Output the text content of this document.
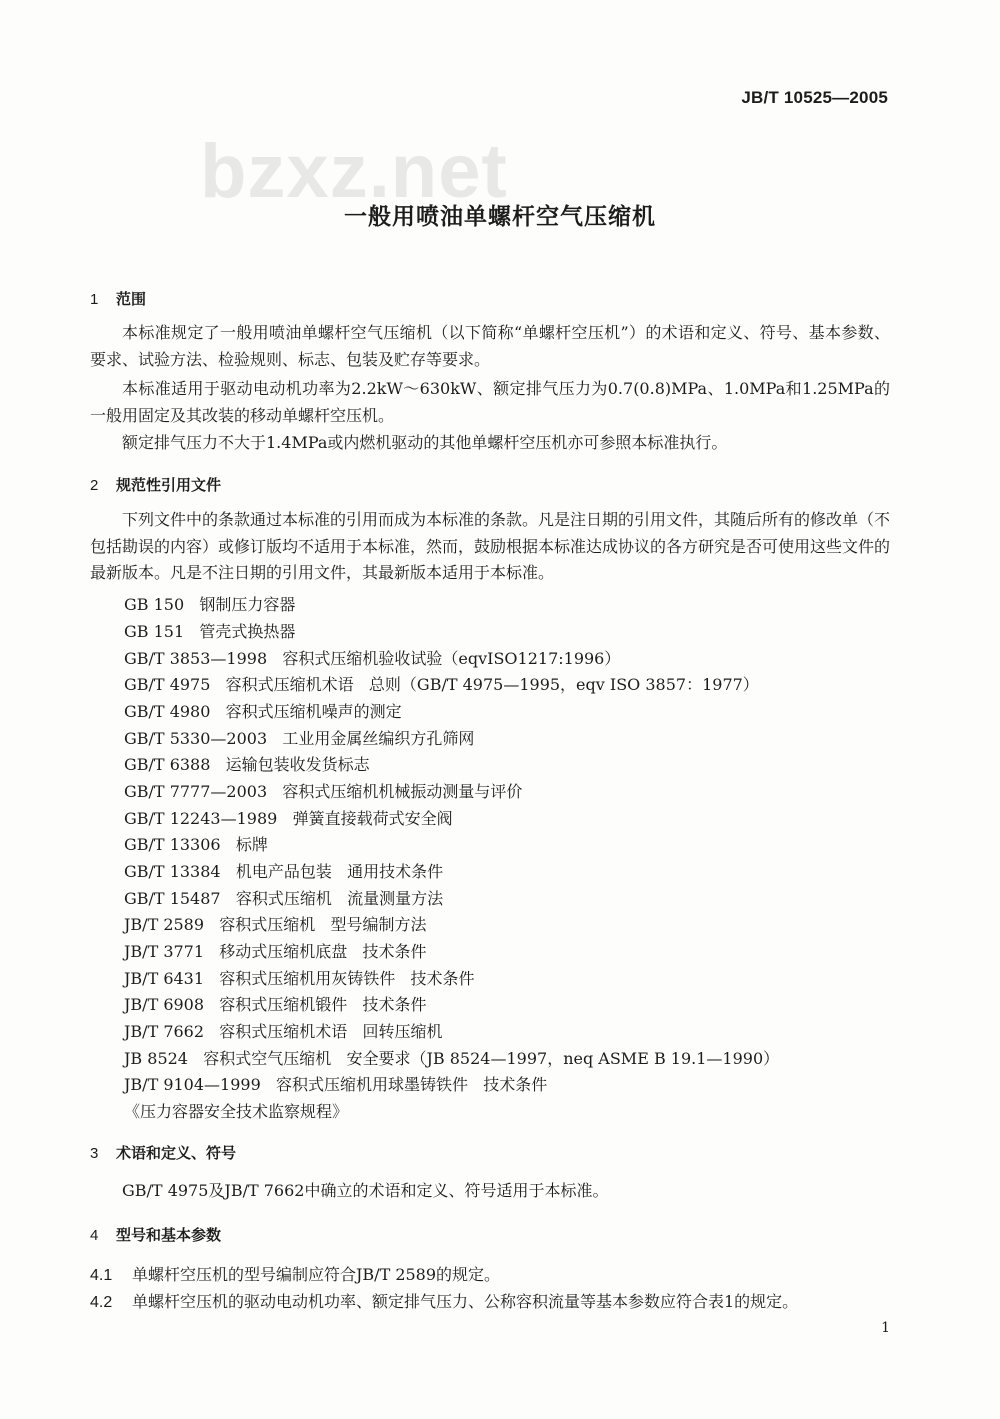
JB/T 10525—2005
bzxz.net
一般用喷油单螺杆空气压缩机
1 范围
本标准规定了一般用喷油单螺杆空气压缩机（以下简称“单螺杆空压机”）的术语和定义、符号、基本参数、要求、试验方法、检验规则、标志、包装及贮存等要求。
本标准适用于驱动电动机功率为2.2kW～630kW、额定排气压力为0.7(0.8)MPa、1.0MPa和1.25MPa的一般用固定及其改装的移动单螺杆空压机。
额定排气压力不大于1.4MPa或内燃机驱动的其他单螺杆空压机亦可参照本标准执行。
2 规范性引用文件
下列文件中的条款通过本标准的引用而成为本标准的条款。凡是注日期的引用文件，其随后所有的修改单（不包括勘误的内容）或修订版均不适用于本标准，然而，鼓励根据本标准达成协议的各方研究是否可使用这些文件的最新版本。凡是不注日期的引用文件，其最新版本适用于本标准。
GB 150   钢制压力容器
GB 151   管壳式换热器
GB/T 3853—1998   容积式压缩机验收试验（eqvISO1217:1996）
GB/T 4975   容积式压缩机术语   总则（GB/T 4975—1995，eqv ISO 3857：1977）
GB/T 4980   容积式压缩机噪声的测定
GB/T 5330—2003   工业用金属丝编织方孔筛网
GB/T 6388   运输包装收发货标志
GB/T 7777—2003   容积式压缩机机械振动测量与评价
GB/T 12243—1989   弹簧直接载荷式安全阀
GB/T 13306   标牌
GB/T 13384   机电产品包装   通用技术条件
GB/T 15487   容积式压缩机   流量测量方法
JB/T 2589   容积式压缩机   型号编制方法
JB/T 3771   移动式压缩机底盘   技术条件
JB/T 6431   容积式压缩机用灰铸铁件   技术条件
JB/T 6908   容积式压缩机锻件   技术条件
JB/T 7662   容积式压缩机术语   回转压缩机
JB 8524   容积式空气压缩机   安全要求（JB 8524—1997，neq ASME B 19.1—1990）
JB/T 9104—1999   容积式压缩机用球墨铸铁件   技术条件
《压力容器安全技术监察规程》
3 术语和定义、符号
GB/T 4975及JB/T 7662中确立的术语和定义、符号适用于本标准。
4 型号和基本参数
4.1 单螺杆空压机的型号编制应符合JB/T 2589的规定。
4.2 单螺杆空压机的驱动电动机功率、额定排气压力、公称容积流量等基本参数应符合表1的规定。
1
